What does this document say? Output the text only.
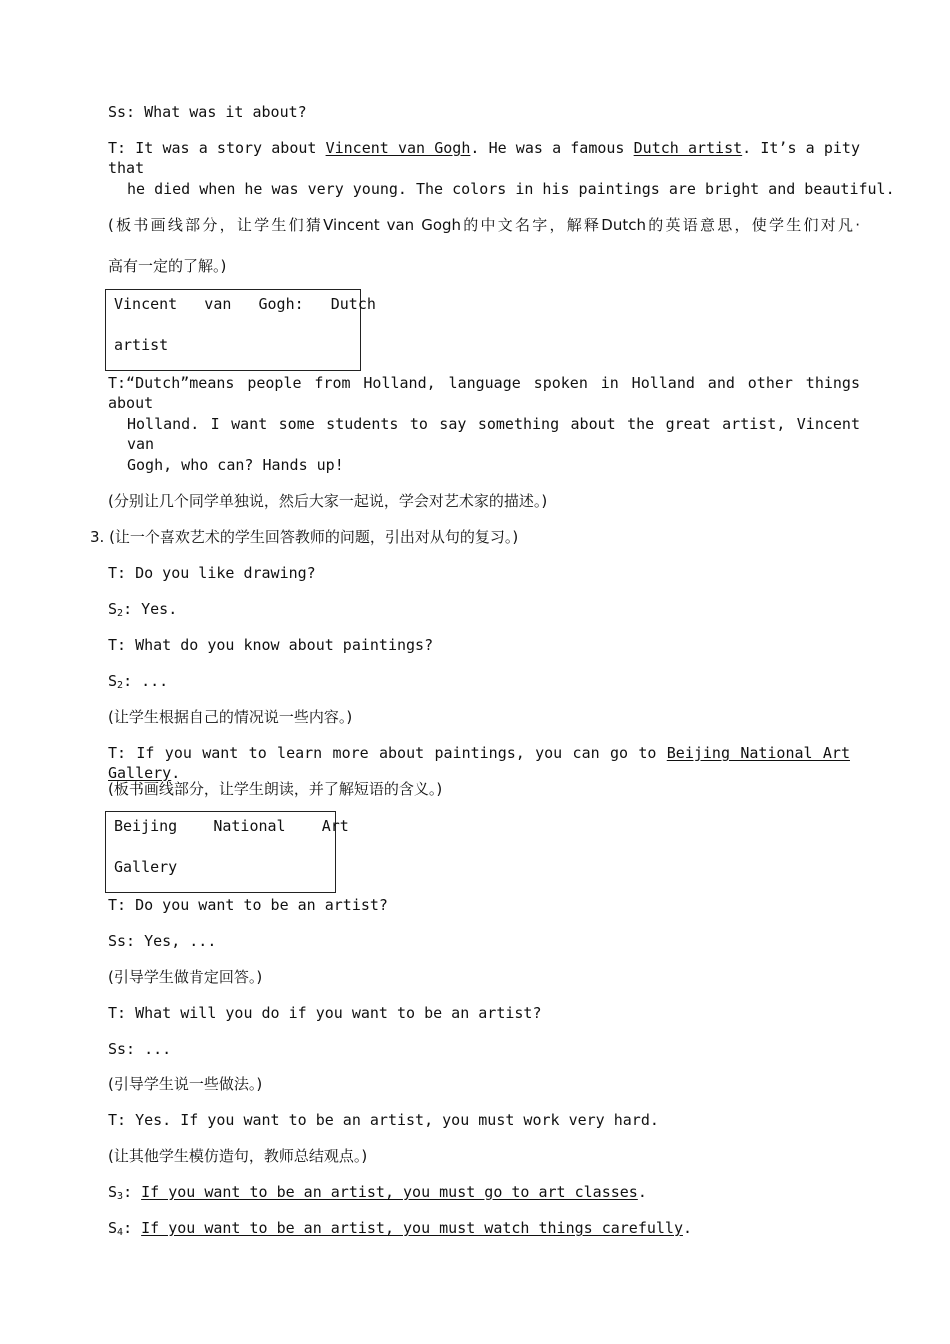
Ss: What was it about?
T: It was a story about Vincent van Gogh. He was a famous Dutch artist. It’s a pity that
he died when he was very young. The colors in his paintings are bright and beautiful.
(板书画线部分，让学生们猜Vincent van Gogh的中文名字，解释Dutch的英语意思，使学生们对凡·
高有一定的了解。)
Vincent   van   Gogh:   Dutch
artist
T:“Dutch”means people from Holland, language spoken in Holland and other things about
Holland. I want some students to say something about the great artist, Vincent van
Gogh, who can? Hands up!
(分别让几个同学单独说，然后大家一起说，学会对艺术家的描述。)
3. (让一个喜欢艺术的学生回答教师的问题，引出对从句的复习。)
T: Do you like drawing?
$S_2$: Yes.
T: What do you know about paintings?
$S_2$: ...
(让学生根据自己的情况说一些内容。)
T: If you want to learn more about paintings, you can go to Beijing National Art Gallery.
(板书画线部分，让学生朗读，并了解短语的含义。)
Beijing    National    Art
Gallery
T: Do you want to be an artist?
Ss: Yes, ...
(引导学生做肯定回答。)
T: What will you do if you want to be an artist?
Ss: ...
(引导学生说一些做法。)
T: Yes. If you want to be an artist, you must work very hard.
(让其他学生模仿造句，教师总结观点。)
$S_3$: If you want to be an artist, you must go to art classes.
$S_4$: If you want to be an artist, you must watch things carefully.
